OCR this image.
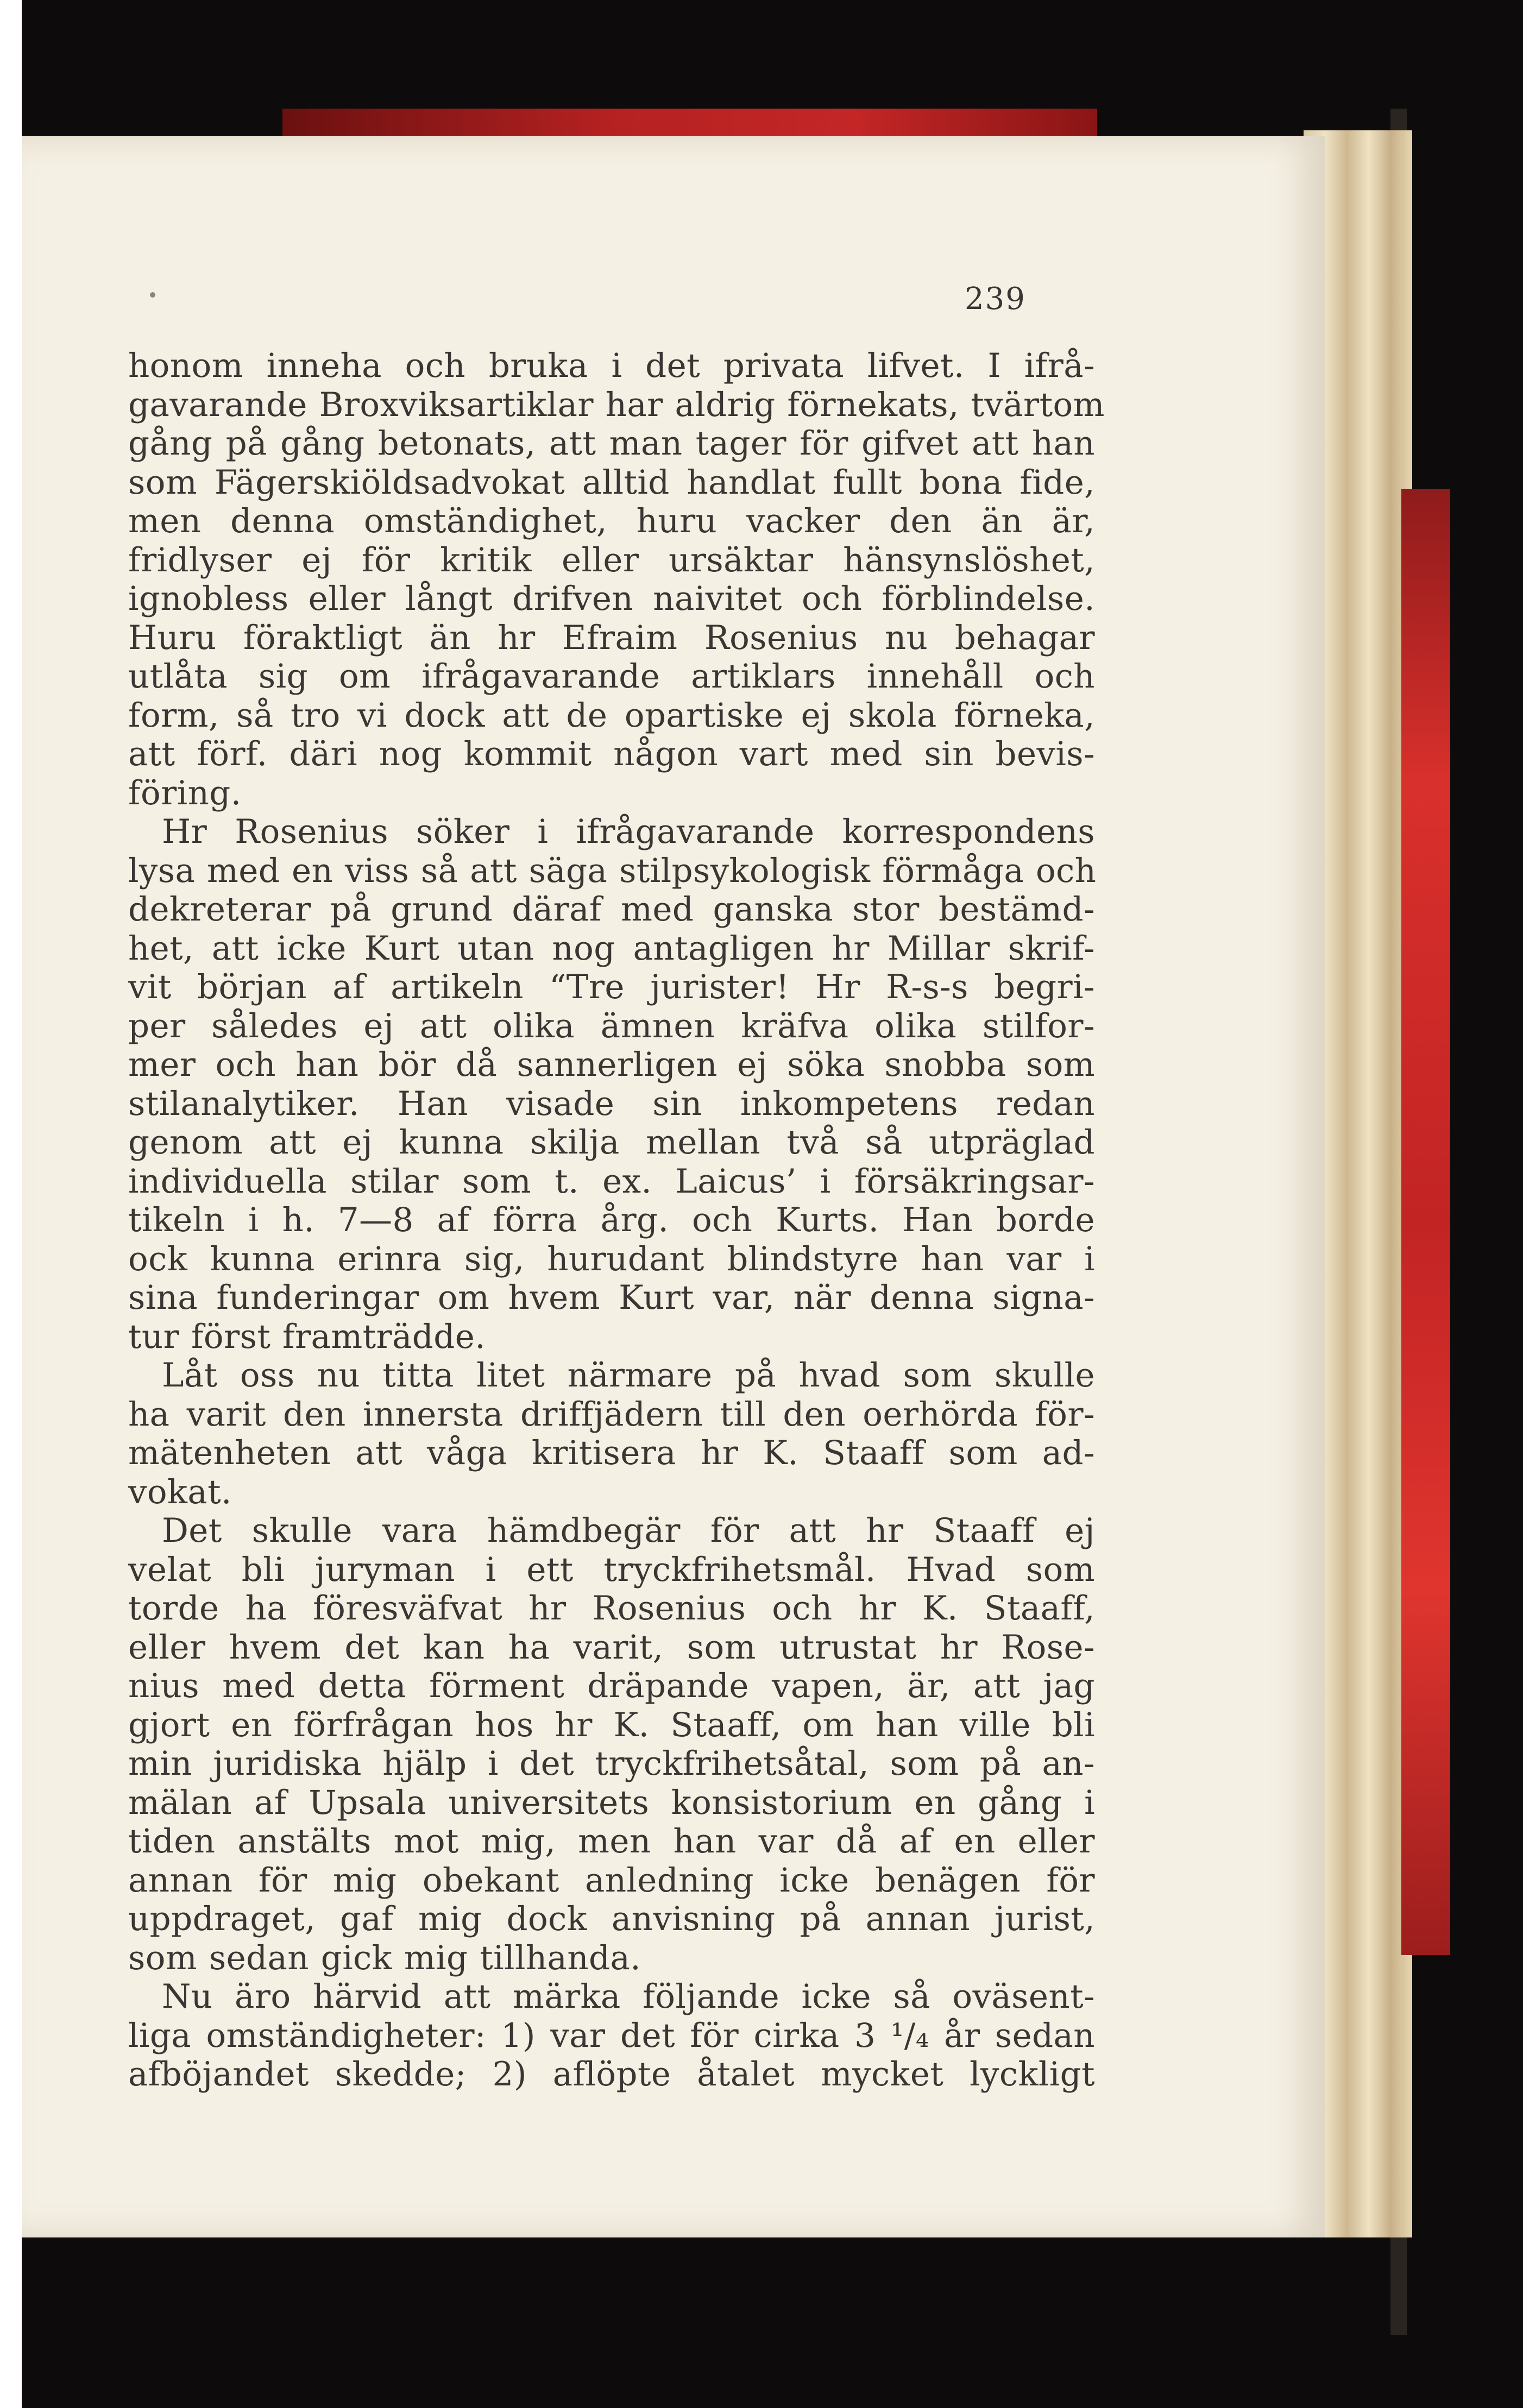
239
honom inneha och bruka i det privata lifvet. I ifrå-
gavarande Broxviksartiklar har aldrig förnekats, tvärtom
gång på gång betonats, att man tager för gifvet att han
som Fägerskiöldsadvokat alltid handlat fullt bona fide,
men denna omständighet, huru vacker den än är,
fridlyser ej för kritik eller ursäktar hänsynslöshet,
ignobless eller långt drifven naivitet och förblindelse.
Huru föraktligt än hr Efraim Rosenius nu behagar
utlåta sig om ifrågavarande artiklars innehåll och
form, så tro vi dock att de opartiske ej skola förneka,
att förf. däri nog kommit någon vart med sin bevis-
föring.
Hr Rosenius söker i ifrågavarande korrespondens
lysa med en viss så att säga stilpsykologisk förmåga och
dekreterar på grund däraf med ganska stor bestämd-
het, att icke Kurt utan nog antagligen hr Millar skrif-
vit början af artikeln “Tre jurister! Hr R-s-s begri-
per således ej att olika ämnen kräfva olika stilfor-
mer och han bör då sannerligen ej söka snobba som
stilanalytiker. Han visade sin inkompetens redan
genom att ej kunna skilja mellan två så utpräglad
individuella stilar som t. ex. Laicus’ i försäkringsar-
tikeln i h. 7—8 af förra årg. och Kurts. Han borde
ock kunna erinra sig, hurudant blindstyre han var i
sina funderingar om hvem Kurt var, när denna signa-
tur först framträdde.
Låt oss nu titta litet närmare på hvad som skulle
ha varit den innersta driffjädern till den oerhörda för-
mätenheten att våga kritisera hr K. Staaff som ad-
vokat.
Det skulle vara hämdbegär för att hr Staaff ej
velat bli juryman i ett tryckfrihetsmål. Hvad som
torde ha föresväfvat hr Rosenius och hr K. Staaff,
eller hvem det kan ha varit, som utrustat hr Rose-
nius med detta förment dräpande vapen, är, att jag
gjort en förfrågan hos hr K. Staaff, om han ville bli
min juridiska hjälp i det tryckfrihetsåtal, som på an-
mälan af Upsala universitets konsistorium en gång i
tiden anstälts mot mig, men han var då af en eller
annan för mig obekant anledning icke benägen för
uppdraget, gaf mig dock anvisning på annan jurist,
som sedan gick mig tillhanda.
Nu äro härvid att märka följande icke så oväsent-
liga omständigheter: 1) var det för cirka 3 ¹/₄ år sedan
afböjandet skedde; 2) aflöpte åtalet mycket lyckligt
